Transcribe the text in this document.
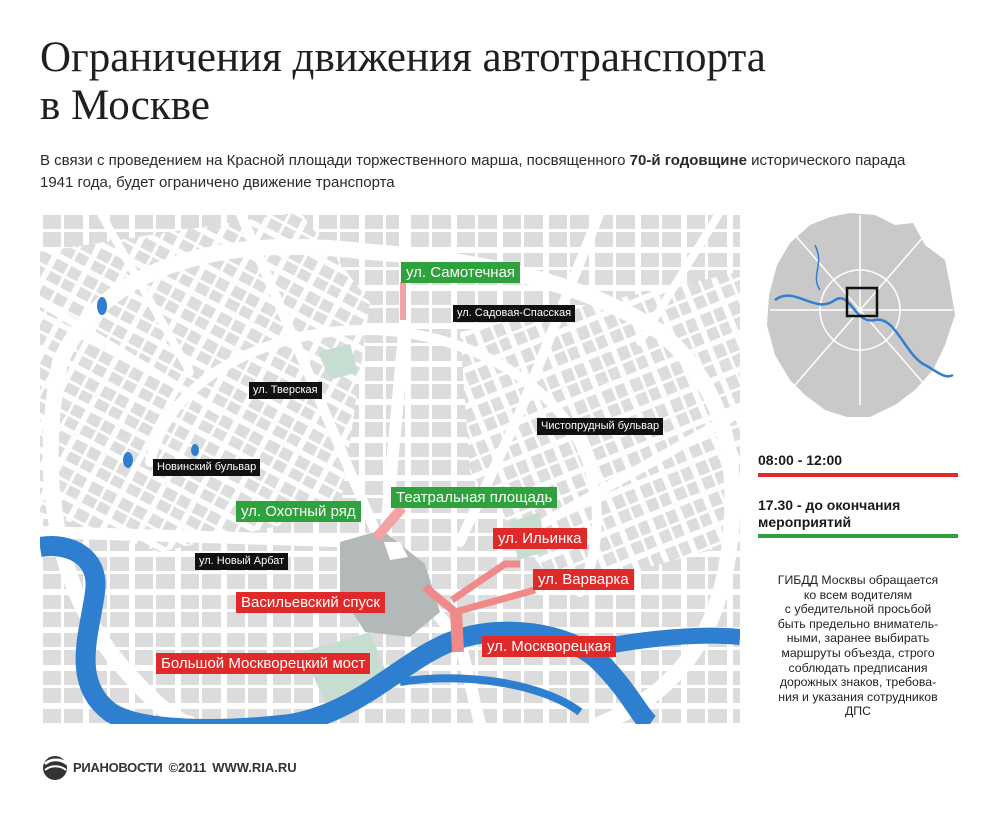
Ограничения движения автотранспорта
в Москве

В связи с проведением на Красной площади торжественного марша, посвященного 70-й годовщине исторического парада
1941 года, будет ограничено движение транспорта

ул. Садовая-Спасская
ул. Тверская
Чистопрудный бульвар
Новинский бульвар
ул. Новый Арбат
ул. Самотечная
Театральная площадь
ул. Охотный ряд
ул. Ильинка
ул. Варварка
Васильевский спуск
ул. Москворецкая
Большой Москворецкий мост
08:00 - 12:00
17.30 - до окончания
мероприятий
ГИБДД Москвы обращается
ко всем водителям
с убедительной просьбой
быть предельно вниматель-
ными, заранее выбирать
маршруты объезда, строго
соблюдать предписания
дорожных знаков, требова-
ния и указания сотрудников
ДПС
РИАНОВОСТИ ©2011 WWW.RIA.RU
